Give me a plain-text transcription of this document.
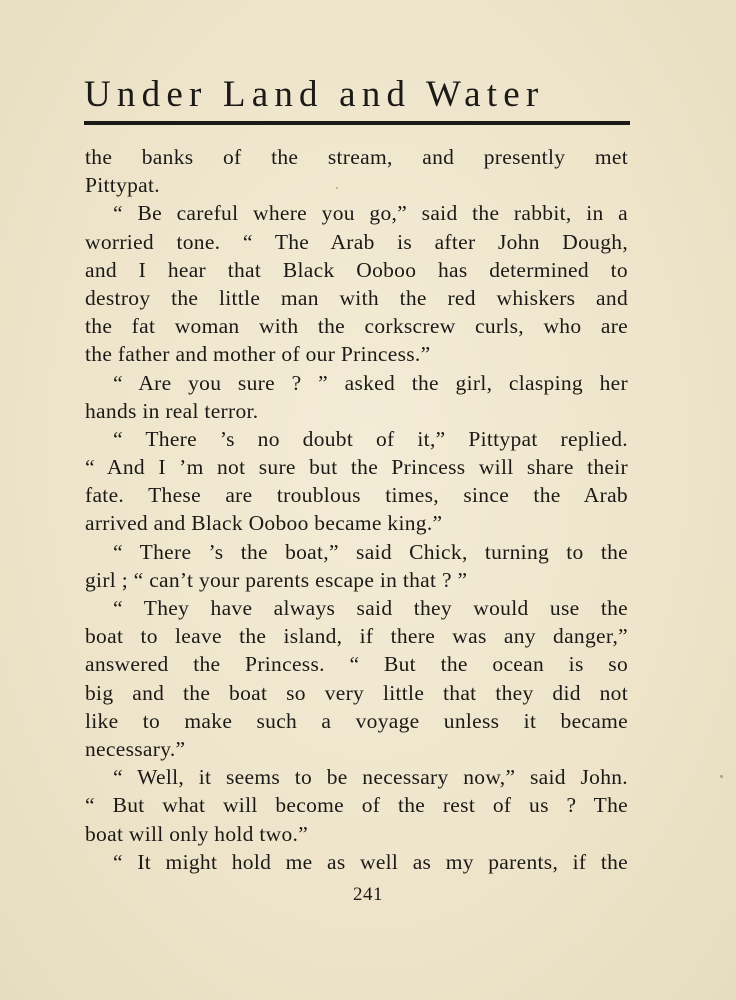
Under Land and Water
the banks of the stream, and presently met
Pittypat.
“ Be careful where you go,” said the rabbit, in a
worried tone. “ The Arab is after John Dough,
and I hear that Black Ooboo has determined to
destroy the little man with the red whiskers and
the fat woman with the corkscrew curls, who are
the father and mother of our Princess.”
“ Are you sure ? ” asked the girl, clasping her
hands in real terror.
“ There ’s no doubt of it,” Pittypat replied.
“ And I ’m not sure but the Princess will share their
fate. These are troublous times, since the Arab
arrived and Black Ooboo became king.”
“ There ’s the boat,” said Chick, turning to the
girl ; “ can’t your parents escape in that ? ”
“ They have always said they would use the
boat to leave the island, if there was any danger,”
answered the Princess. “ But the ocean is so
big and the boat so very little that they did not
like to make such a voyage unless it became
necessary.”
“ Well, it seems to be necessary now,” said John.
“ But what will become of the rest of us ? The
boat will only hold two.”
“ It might hold me as well as my parents, if the
241
